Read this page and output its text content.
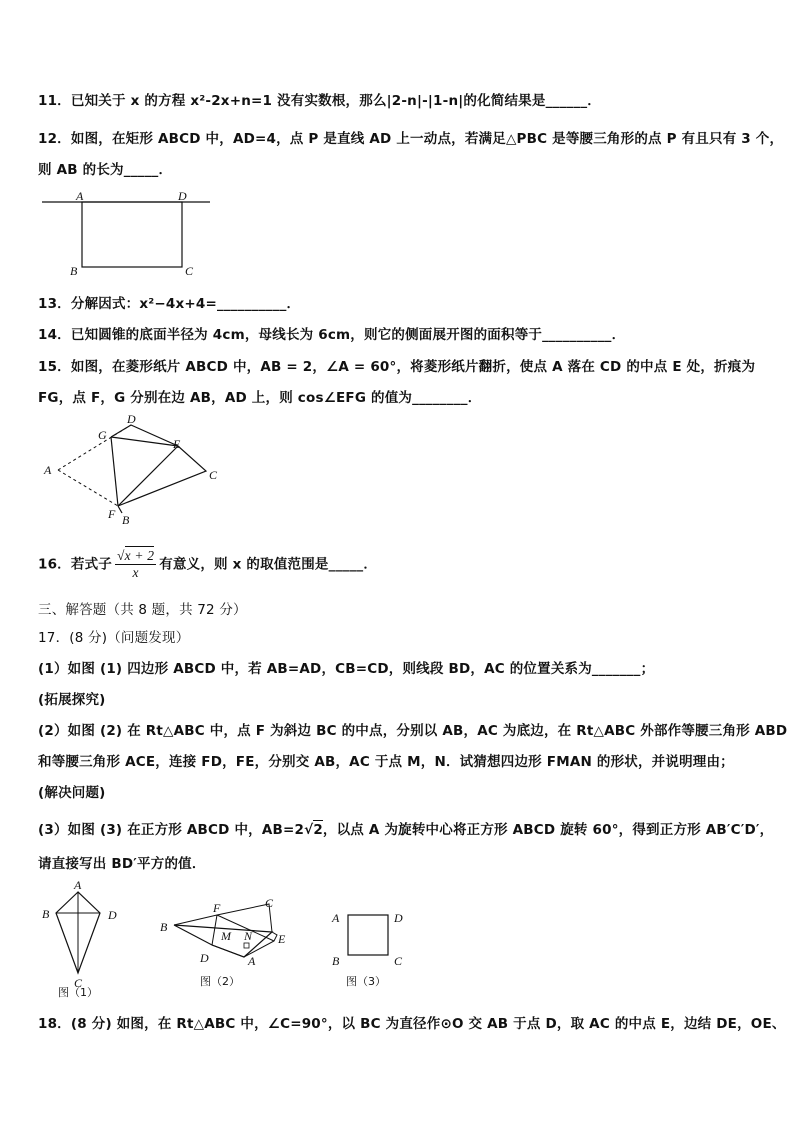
11．已知关于 x 的方程 x²-2x+n=1 没有实数根，那么|2-n|-|1-n|的化简结果是______．
12．如图，在矩形 ABCD 中，AD=4，点 P 是直线 AD 上一动点，若满足△PBC 是等腰三角形的点 P 有且只有 3 个，
则 AB 的长为_____．
A	D
B	C
13．分解因式：x²−4x+4=__________．
14．已知圆锥的底面半径为 4cm，母线长为 6cm，则它的侧面展开图的面积等于__________．
15．如图，在菱形纸片 ABCD 中，AB = 2，∠A = 60°，将菱形纸片翻折，使点 A 落在 CD 的中点 E 处，折痕为
FG，点 F，G 分别在边 AB，AD 上，则 cos∠EFG 的值为________．
A
G
D
E
C
F B
16．若式子 $\frac{√x + 2}{x}$ 有意义，则 x 的取值范围是_____．
三、解答题（共 8 题，共 72 分）
17．(8 分)（问题发现）
(1）如图 (1) 四边形 ABCD 中，若 AB=AD，CB=CD，则线段 BD，AC 的位置关系为_______；
(拓展探究)
(2）如图 (2) 在 Rt△ABC 中，点 F 为斜边 BC 的中点，分别以 AB，AC 为底边，在 Rt△ABC 外部作等腰三角形 ABD
和等腰三角形 ACE，连接 FD，FE，分别交 AB，AC 于点 M，N．试猜想四边形 FMAN 的形状，并说明理由；
(解决问题)
(3）如图 (3) 在正方形 ABCD 中，AB=2√2，以点 A 为旋转中心将正方形 ABCD 旋转 60°，得到正方形 AB′C′D′，
请直接写出 BD′平方的值．
A
B	D
C
图（1）
B
F	C
M N E
D	A
图（2）
A	D
B	C
图（3）
18．(8 分) 如图，在 Rt△ABC 中，∠C=90°，以 BC 为直径作⊙O 交 AB 于点 D，取 AC 的中点 E，边结 DE，OE、
